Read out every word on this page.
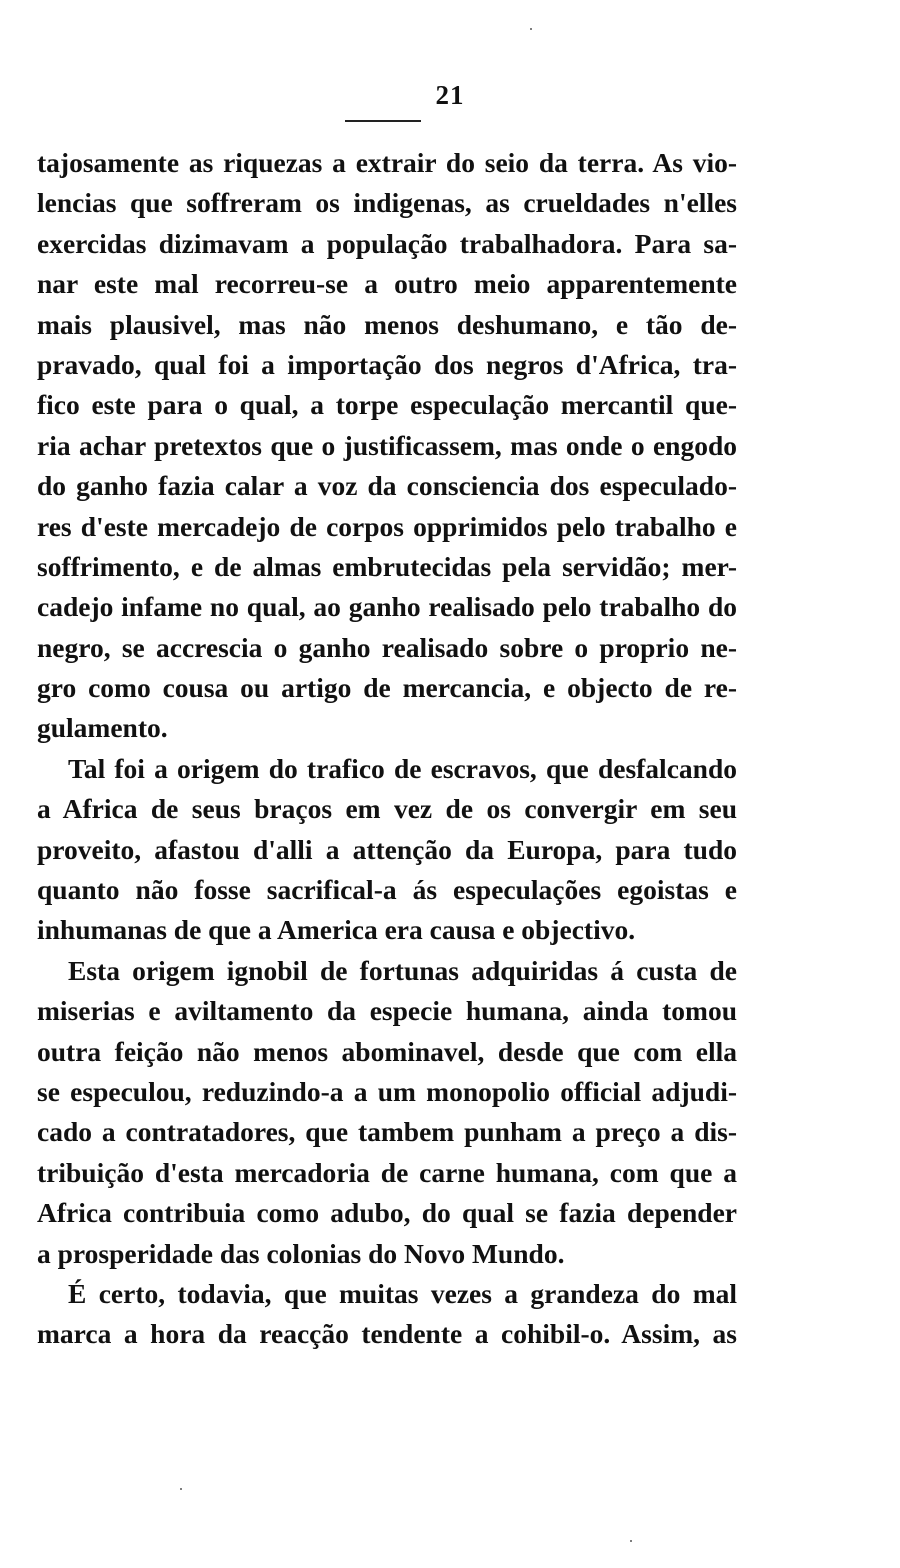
21
tajosamente as riquezas a extrair do seio da terra. As vio-
lencias que soffreram os indigenas, as crueldades n'elles
exercidas dizimavam a população trabalhadora. Para sa-
nar este mal recorreu-se a outro meio apparentemente
mais plausivel, mas não menos deshumano, e tão de-
pravado, qual foi a importação dos negros d'Africa, tra-
fico este para o qual, a torpe especulação mercantil que-
ria achar pretextos que o justificassem, mas onde o engodo
do ganho fazia calar a voz da consciencia dos especulado-
res d'este mercadejo de corpos opprimidos pelo trabalho e
soffrimento, e de almas embrutecidas pela servidão; mer-
cadejo infame no qual, ao ganho realisado pelo trabalho do
negro, se accrescia o ganho realisado sobre o proprio ne-
gro como cousa ou artigo de mercancia, e objecto de re-
gulamento.
Tal foi a origem do trafico de escravos, que desfalcando
a Africa de seus braços em vez de os convergir em seu
proveito, afastou d'alli a attenção da Europa, para tudo
quanto não fosse sacrifical-a ás especulações egoistas e
inhumanas de que a America era causa e objectivo.
Esta origem ignobil de fortunas adquiridas á custa de
miserias e aviltamento da especie humana, ainda tomou
outra feição não menos abominavel, desde que com ella
se especulou, reduzindo-a a um monopolio official adjudi-
cado a contratadores, que tambem punham a preço a dis-
tribuição d'esta mercadoria de carne humana, com que a
Africa contribuia como adubo, do qual se fazia depender
a prosperidade das colonias do Novo Mundo.
É certo, todavia, que muitas vezes a grandeza do mal
marca a hora da reacção tendente a cohibil-o. Assim, as
